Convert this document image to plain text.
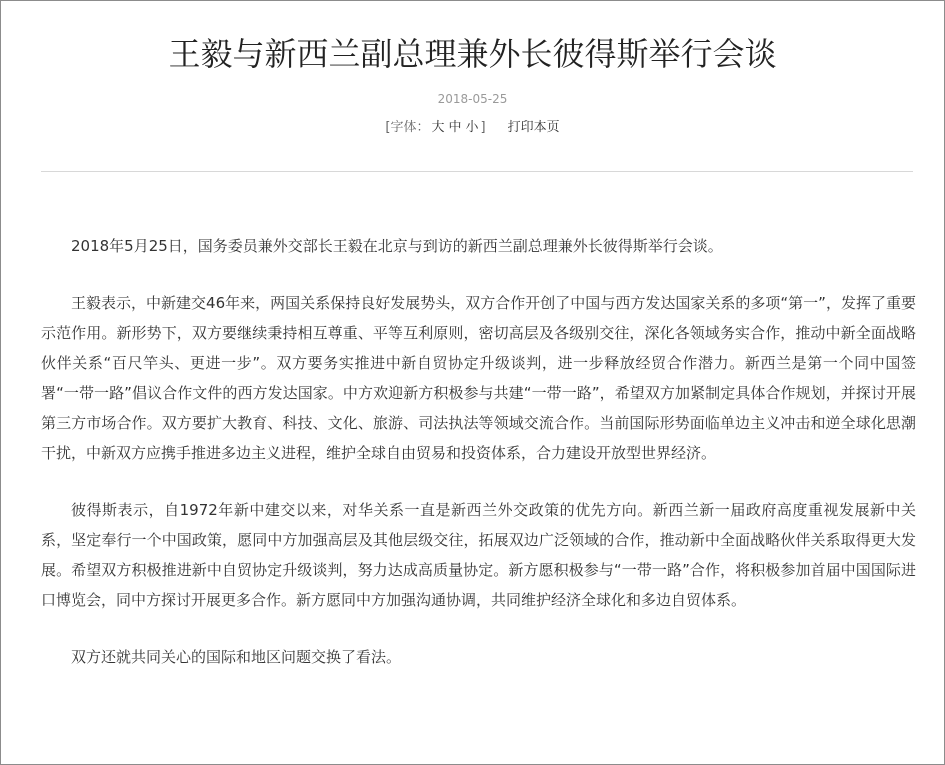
王毅与新西兰副总理兼外长彼得斯举行会谈
2018-05-25
[字体： 大 中 小 ] 打印本页

2018年5月25日，国务委员兼外交部长王毅在北京与到访的新西兰副总理兼外长彼得斯举行会谈。

王毅表示，中新建交46年来，两国关系保持良好发展势头，双方合作开创了中国与西方发达国家关系的多项“第一”，发挥了重要示范作用。新形势下，双方要继续秉持相互尊重、平等互利原则，密切高层及各级别交往，深化各领域务实合作，推动中新全面战略伙伴关系“百尺竿头、更进一步”。双方要务实推进中新自贸协定升级谈判，进一步释放经贸合作潜力。新西兰是第一个同中国签署“一带一路”倡议合作文件的西方发达国家。中方欢迎新方积极参与共建“一带一路”，希望双方加紧制定具体合作规划，并探讨开展第三方市场合作。双方要扩大教育、科技、文化、旅游、司法执法等领域交流合作。当前国际形势面临单边主义冲击和逆全球化思潮干扰，中新双方应携手推进多边主义进程，维护全球自由贸易和投资体系，合力建设开放型世界经济。

彼得斯表示，自1972年新中建交以来，对华关系一直是新西兰外交政策的优先方向。新西兰新一届政府高度重视发展新中关系，坚定奉行一个中国政策，愿同中方加强高层及其他层级交往，拓展双边广泛领域的合作，推动新中全面战略伙伴关系取得更大发展。希望双方积极推进新中自贸协定升级谈判，努力达成高质量协定。新方愿积极参与“一带一路”合作，将积极参加首届中国国际进口博览会，同中方探讨开展更多合作。新方愿同中方加强沟通协调，共同维护经济全球化和多边自贸体系。

双方还就共同关心的国际和地区问题交换了看法。
